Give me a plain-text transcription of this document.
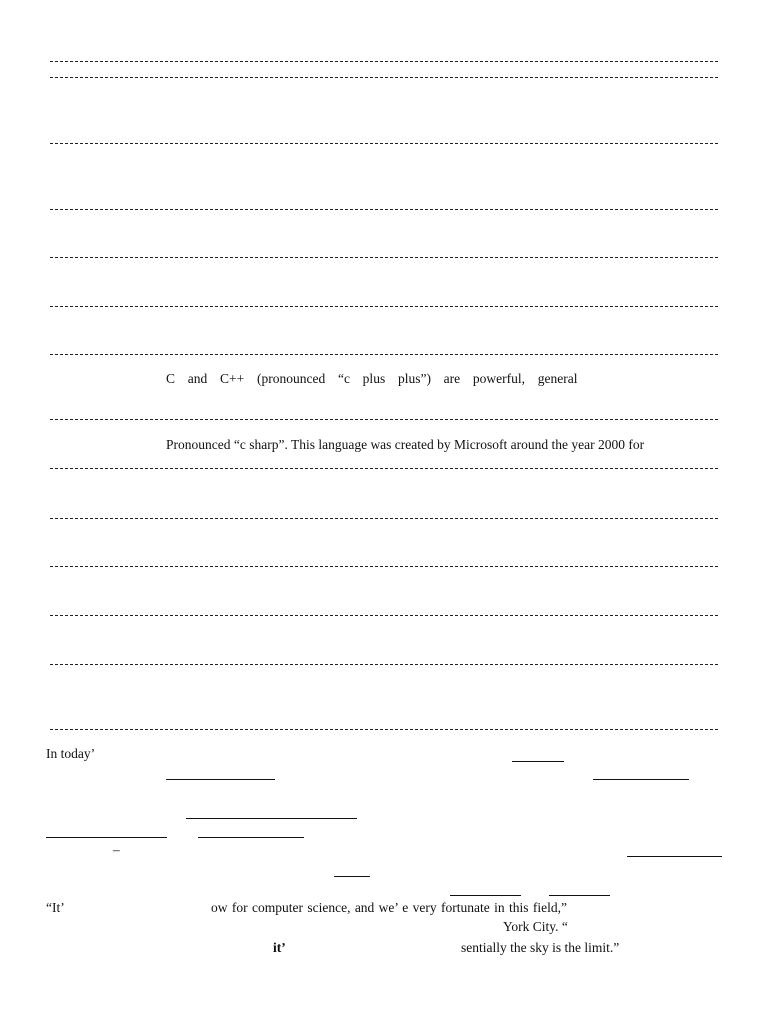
C  and  C++  (pronounced  “c  plus  plus”)  are  powerful,  general
Pronounced “c sharp”. This language was created by Microsoft around the year 2000 for
In today’
–
“It’	ow for computer science, and we’ e very fortunate in this field,”
York City. “
it’	sentially the sky is the limit.”
